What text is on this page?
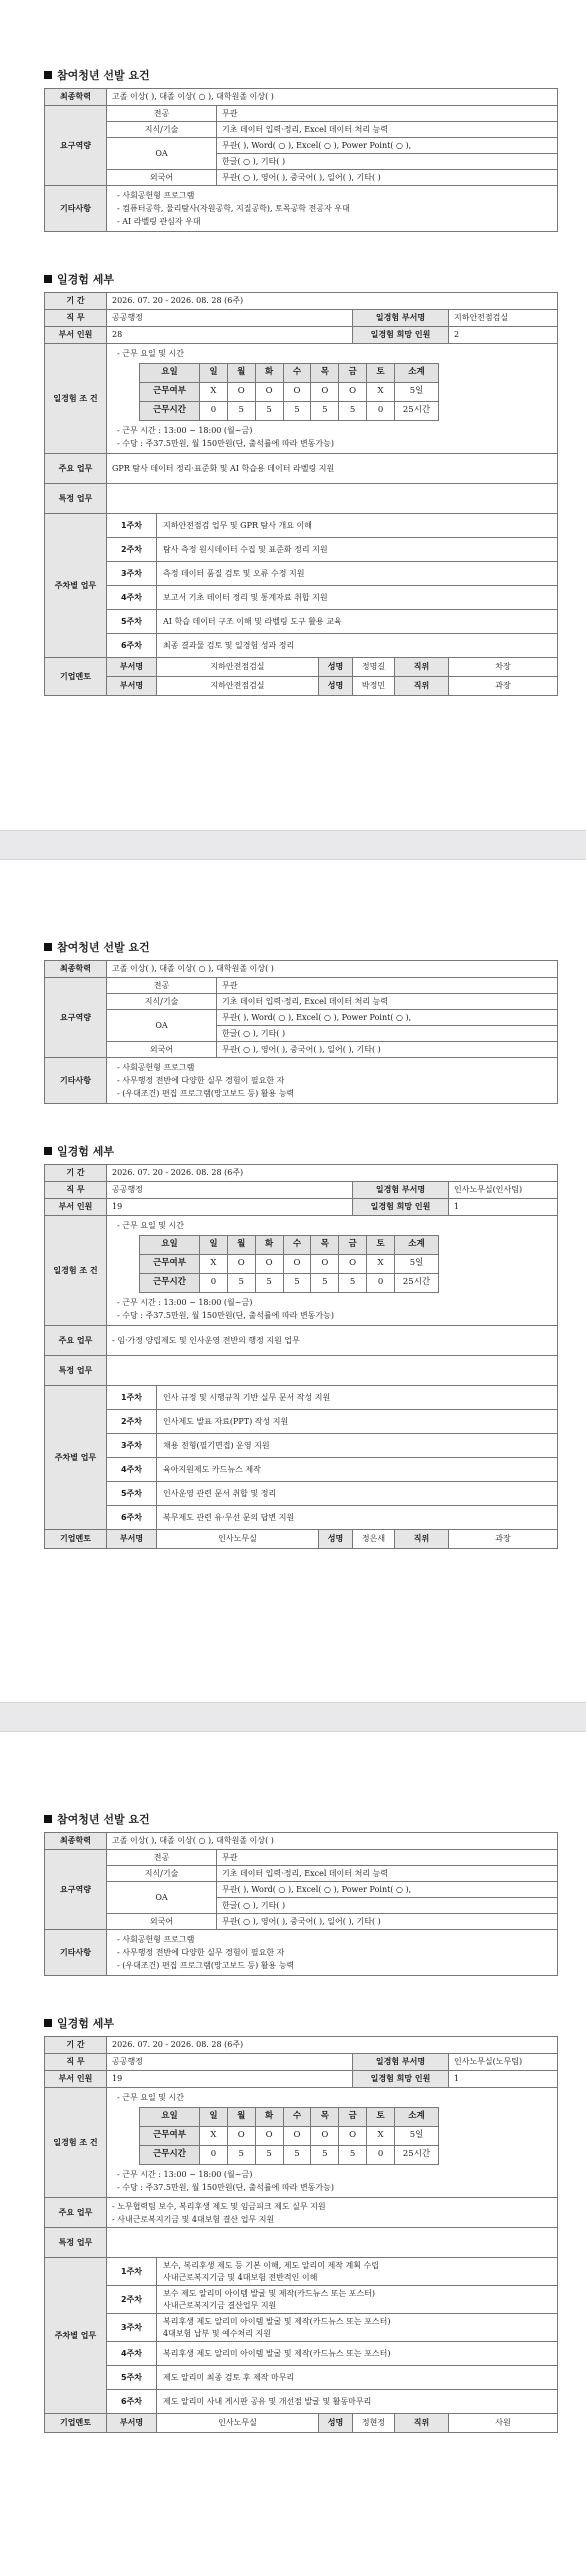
참여청년 선발 요건
최종학력	고졸 이상( ), 대졸 이상( ○ ), 대학원졸 이상( )	
요구역량	전공	무관
	지식/기술	기초 데이터 입력·정리, Excel 데이터 처리 능력
	OA	무관( ), Word( ○ ), Excel( ○ ), Power Point( ○ ),
		한글( ○ ), 기타( )
	외국어	무관( ○ ), 영어( ), 중국어( ), 일어( ), 기타( )
기타사항	- 사회공헌형 프로그램
- 컴퓨터공학, 물리탐사(자원공학, 지질공학), 토목공학 전공자 우대
- AI 라벨링 관심자 우대	
일경험 세부
기 간	2026. 07. 20 - 2026. 08. 28 (6주)
직 무	공공행정	일경험 부서명	지하안전점검실
부서 인원	28	일경험 희망 인원	2
일경험 조 건	
- 근무 요일 및 시간
요일	일	월	화	수	목	금	토	소계
근무여부	X	O	O	O	O	O	X	5일
근무시간	0	5	5	5	5	5	0	25시간
- 근무 시간 : 13:00 ~ 18:00 (월~금)
- 수당 : 주37.5만원, 월 150만원(단, 출석률에 따라 변동가능)

주요 업무	GPR 탐사 데이터 정리·표준화 및 AI 학습용 데이터 라벨링 지원
특정 업무	
주차별 업무	1주차	지하안전점검 업무 및 GPR 탐사 개요 이해
2주차	탐사 측정 원시데이터 수집 및 표준화 정리 지원
3주차	측정 데이터 품질 검토 및 오류 수정 지원
4주차	보고서 기초 데이터 정리 및 통계자료 취합 지원
5주차	AI 학습 데이터 구조 이해 및 라벨링 도구 활용 교육
6주차	최종 결과물 검토 및 일경험 성과 정리
기업멘토	부서명	지하안전점검실	성명	정명길	직위	차장
부서명	지하안전점검실	성명	박정민	직위	과장
참여청년 선발 요건
최종학력	고졸 이상( ), 대졸 이상( ○ ), 대학원졸 이상( )	
요구역량	전공	무관
	지식/기술	기초 데이터 입력·정리, Excel 데이터 처리 능력
	OA	무관( ), Word( ○ ), Excel( ○ ), Power Point( ○ ),
		한글( ○ ), 기타( )
	외국어	무관( ○ ), 영어( ), 중국어( ), 일어( ), 기타( )
기타사항	- 사회공헌형 프로그램
- 사무행정 전반에 다양한 실무 경험이 필요한 자
- (우대조건) 편집 프로그램(망고보드 등) 활용 능력	
일경험 세부
기 간	2026. 07. 20 - 2026. 08. 28 (6주)
직 무	공공행정	일경험 부서명	인사노무실(인사팀)
부서 인원	19	일경험 희망 인원	1
일경험 조 건	
- 근무 요일 및 시간
요일	일	월	화	수	목	금	토	소계
근무여부	X	O	O	O	O	O	X	5일
근무시간	0	5	5	5	5	5	0	25시간
- 근무 시간 : 13:00 ~ 18:00 (월~금)
- 수당 : 주37.5만원, 월 150만원(단, 출석률에 따라 변동가능)

주요 업무	- 임·가정 양립제도 및 인사운영 전반의 행정 지원 업무
특정 업무	
주차별 업무	1주차	인사 규정 및 시행규칙 기반 실무 문서 작성 지원
2주차	인사제도 발표 자료(PPT) 작성 지원
3주차	채용 전형(필기면접) 운영 지원
4주차	육아지원제도 카드뉴스 제작
5주차	인사운영 관련 문서 취합 및 정리
6주차	복무제도 관련 유·무선 문의 답변 지원
기업멘토	부서명	인사노무실	성명	정은새	직위	과장
참여청년 선발 요건
최종학력	고졸 이상( ), 대졸 이상( ○ ), 대학원졸 이상( )	
요구역량	전공	무관
	지식/기술	기초 데이터 입력·정리, Excel 데이터 처리 능력
	OA	무관( ), Word( ○ ), Excel( ○ ), Power Point( ○ ),
		한글( ○ ), 기타( )
	외국어	무관( ○ ), 영어( ), 중국어( ), 일어( ), 기타( )
기타사항	- 사회공헌형 프로그램
- 사무행정 전반에 다양한 실무 경험이 필요한 자
- (우대조건) 편집 프로그램(망고보드 등) 활용 능력	
일경험 세부
기 간	2026. 07. 20 - 2026. 08. 28 (6주)
직 무	공공행정	일경험 부서명	인사노무실(노무팀)
부서 인원	19	일경험 희망 인원	1
일경험 조 건	
- 근무 요일 및 시간
요일	일	월	화	수	목	금	토	소계
근무여부	X	O	O	O	O	O	X	5일
근무시간	0	5	5	5	5	5	0	25시간
- 근무 시간 : 13:00 ~ 18:00 (월~금)
- 수당 : 주37.5만원, 월 150만원(단, 출석률에 따라 변동가능)

주요 업무	- 노무협력팀 보수, 복리후생 제도 및 임금피크 제도 실무 지원
- 사내근로복지기금 및 4대보험 결산 업무 지원
특정 업무	
주차별 업무	1주차	보수, 복리후생 제도 등 기본 이해, 제도 알리미 제작 계획 수립
사내근로복지기금 및 4대보험 전반적인 이해
2주차	보수 제도 알리미 아이템 발굴 및 제작(카드뉴스 또는 포스터)
사내근로복지기금 결산업무 지원
3주차	복리후생 제도 알리미 아이템 발굴 및 제작(카드뉴스 또는 포스터)
4대보험 납부 및 예수처리 지원
4주차	복리후생 제도 알리미 아이템 발굴 및 제작(카드뉴스 또는 포스터)
5주차	제도 알리미 최종 검토 후 제작 마무리
6주차	제도 알리미 사내 게시판 공유 및 개선점 발굴 및 활동마무리
기업멘토	부서명	인사노무실	성명	정현정	직위	사원
